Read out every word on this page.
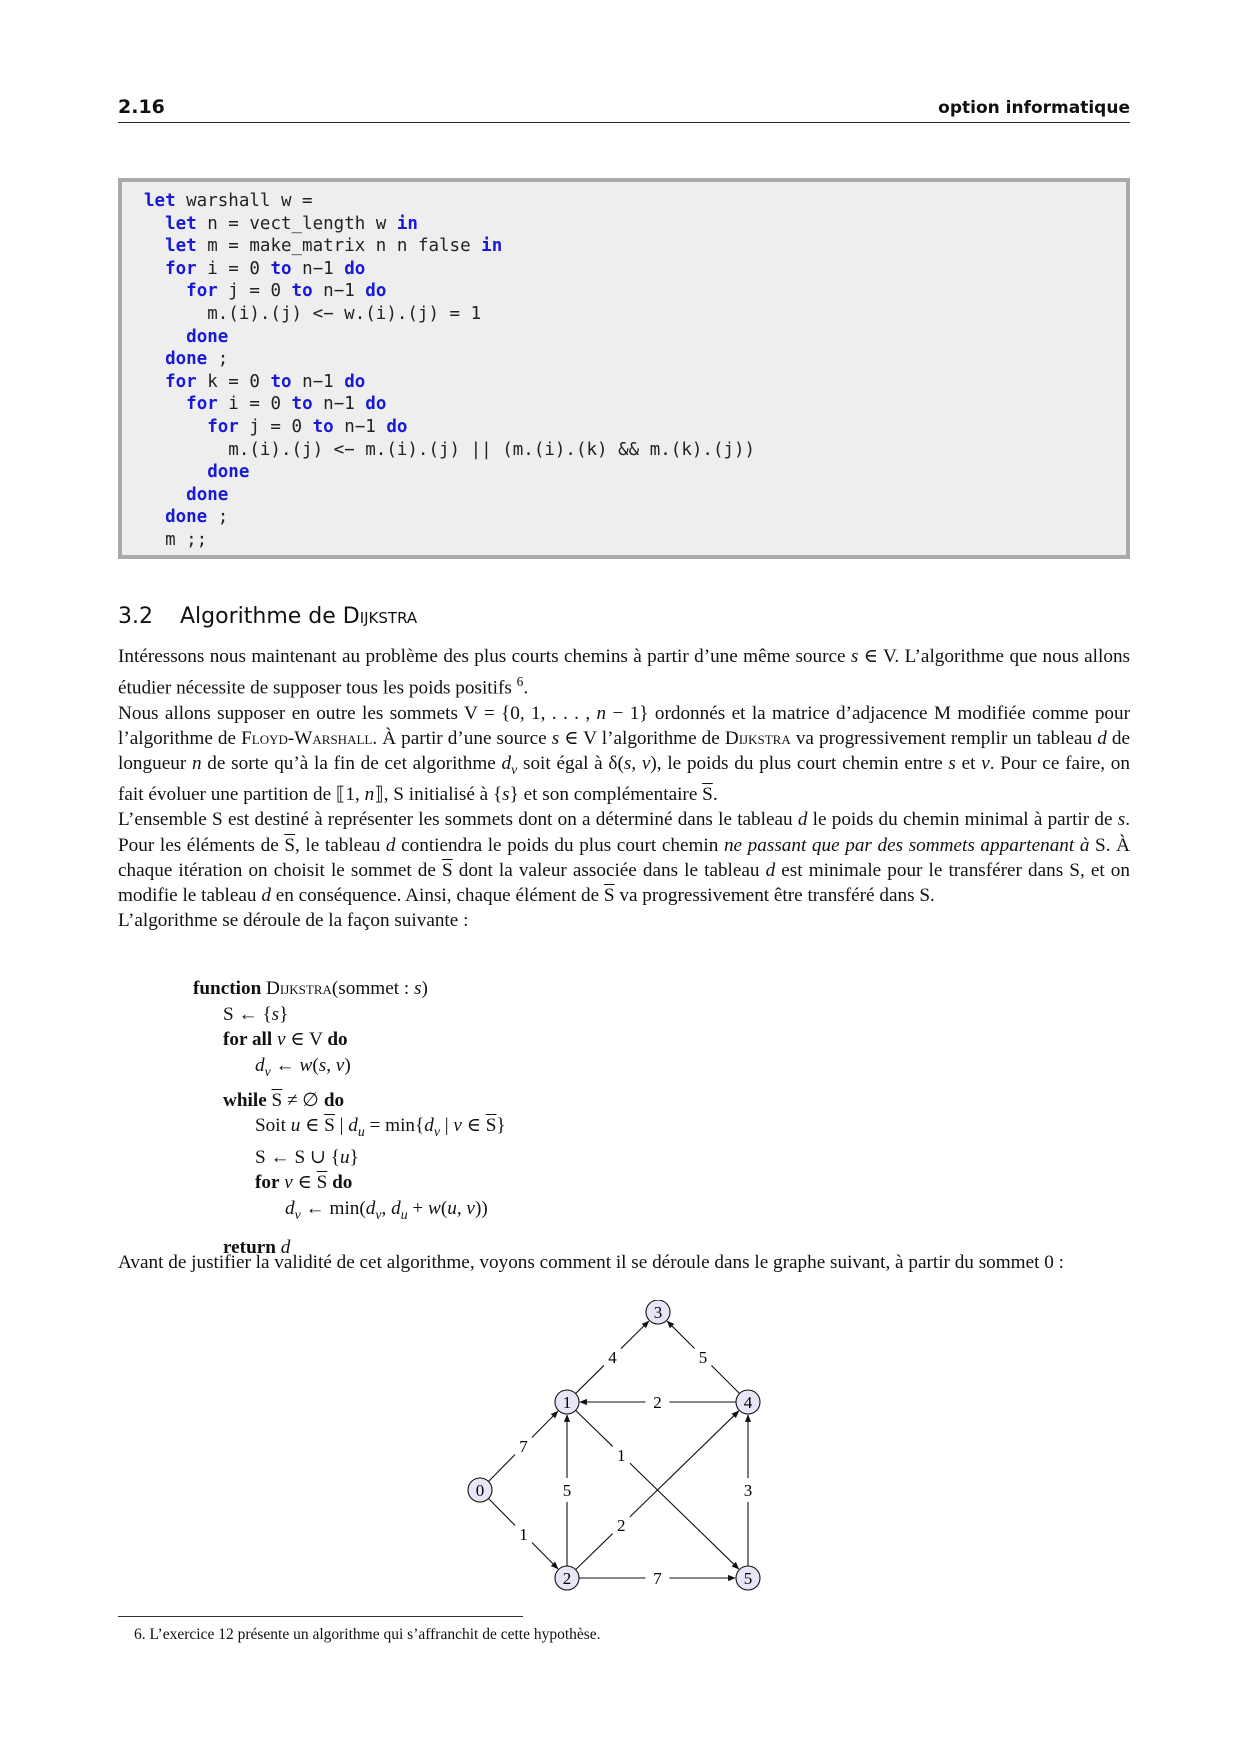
2.16	option informatique
let warshall w =
let n = vect_length w in
let m = make_matrix n n false in
for i = 0 to n−1 do
for j = 0 to n−1 do
m.(i).(j) <− w.(i).(j) = 1
done
done ;
for k = 0 to n−1 do
for i = 0 to n−1 do
for j = 0 to n−1 do
m.(i).(j) <− m.(i).(j) || (m.(i).(k) && m.(k).(j))
done
done
done ;
m ;;
3.2 Algorithme de Dijkstra

Intéressons nous maintenant au problème des plus courts chemins à partir d’une même source s ∈ V. L’algorithme que nous allons étudier nécessite de supposer tous les poids positifs $^6$.

Nous allons supposer en outre les sommets V = {0, 1, . . . , n − 1} ordonnés et la matrice d’adjacence M modifiée comme pour l’algorithme de Floyd-Warshall. À partir d’une source s ∈ V l’algorithme de Dijkstra va progressivement remplir un tableau d de longueur n de sorte qu’à la fin de cet algorithme $d_v$ soit égal à δ(s, v), le poids du plus court chemin entre s et v. Pour ce faire, on fait évoluer une partition de ⟦1, n⟧, S initialisé à {s} et son complémentaire $\overline{S}$.

L’ensemble S est destiné à représenter les sommets dont on a déterminé dans le tableau d le poids du chemin minimal à partir de s. Pour les éléments de $\overline{S}$, le tableau d contiendra le poids du plus court chemin ne passant que par des sommets appartenant à S. À chaque itération on choisit le sommet de $\overline{S}$ dont la valeur associée dans le tableau d est minimale pour le transférer dans S, et on modifie le tableau d en conséquence. Ainsi, chaque élément de $\overline{S}$ va progressivement être transféré dans S.

L’algorithme se déroule de la façon suivante :

function Dijkstra(sommet : s)
S ← {s}
for all v ∈ V do
$d_v$ ← w(s, v)
while $\overline{S}$ ≠ ∅ do
Soit u ∈ $\overline{S}$ | $d_u = \min\{d_v$ | v ∈ $\overline{S}$}
S ← S ∪ {u}
for v ∈ $\overline{S}$ do
$d_v$ ← $\min(d_v$, $d_u + w(u$, v))
return d
Avant de justifier la validité de cet algorithme, voyons comment il se déroule dans le graphe suivant, à partir du sommet 0 :
7
1
4	5
2
5
1
2
3
7
0
1
2
3
4
5
6. L’exercice 12 présente un algorithme qui s’affranchit de cette hypothèse.
